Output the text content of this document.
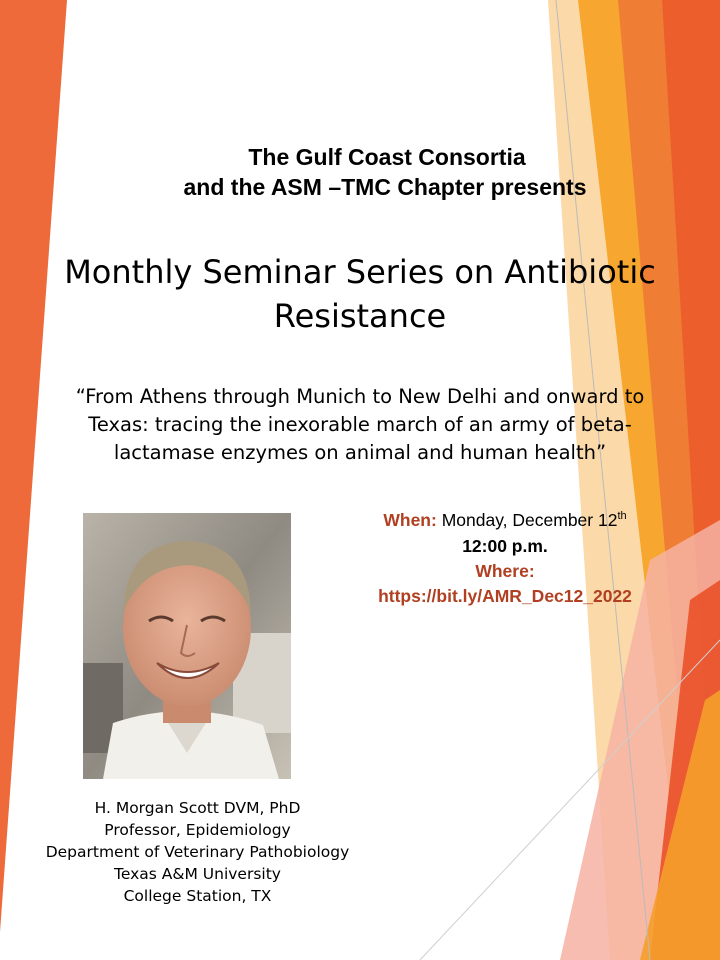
The Gulf Coast Consortia
and the ASM –TMC Chapter presents
Monthly Seminar Series on Antibiotic
Resistance
“From Athens through Munich to New Delhi and onward to
Texas: tracing the inexorable march of an army of beta-
lactamase enzymes on animal and human health”
When: Monday, December 12th
12:00 p.m.
Where:
https://bit.ly/AMR_Dec12_2022
H. Morgan Scott DVM, PhD
Professor, Epidemiology
Department of Veterinary Pathobiology
Texas A&M University
College Station, TX
